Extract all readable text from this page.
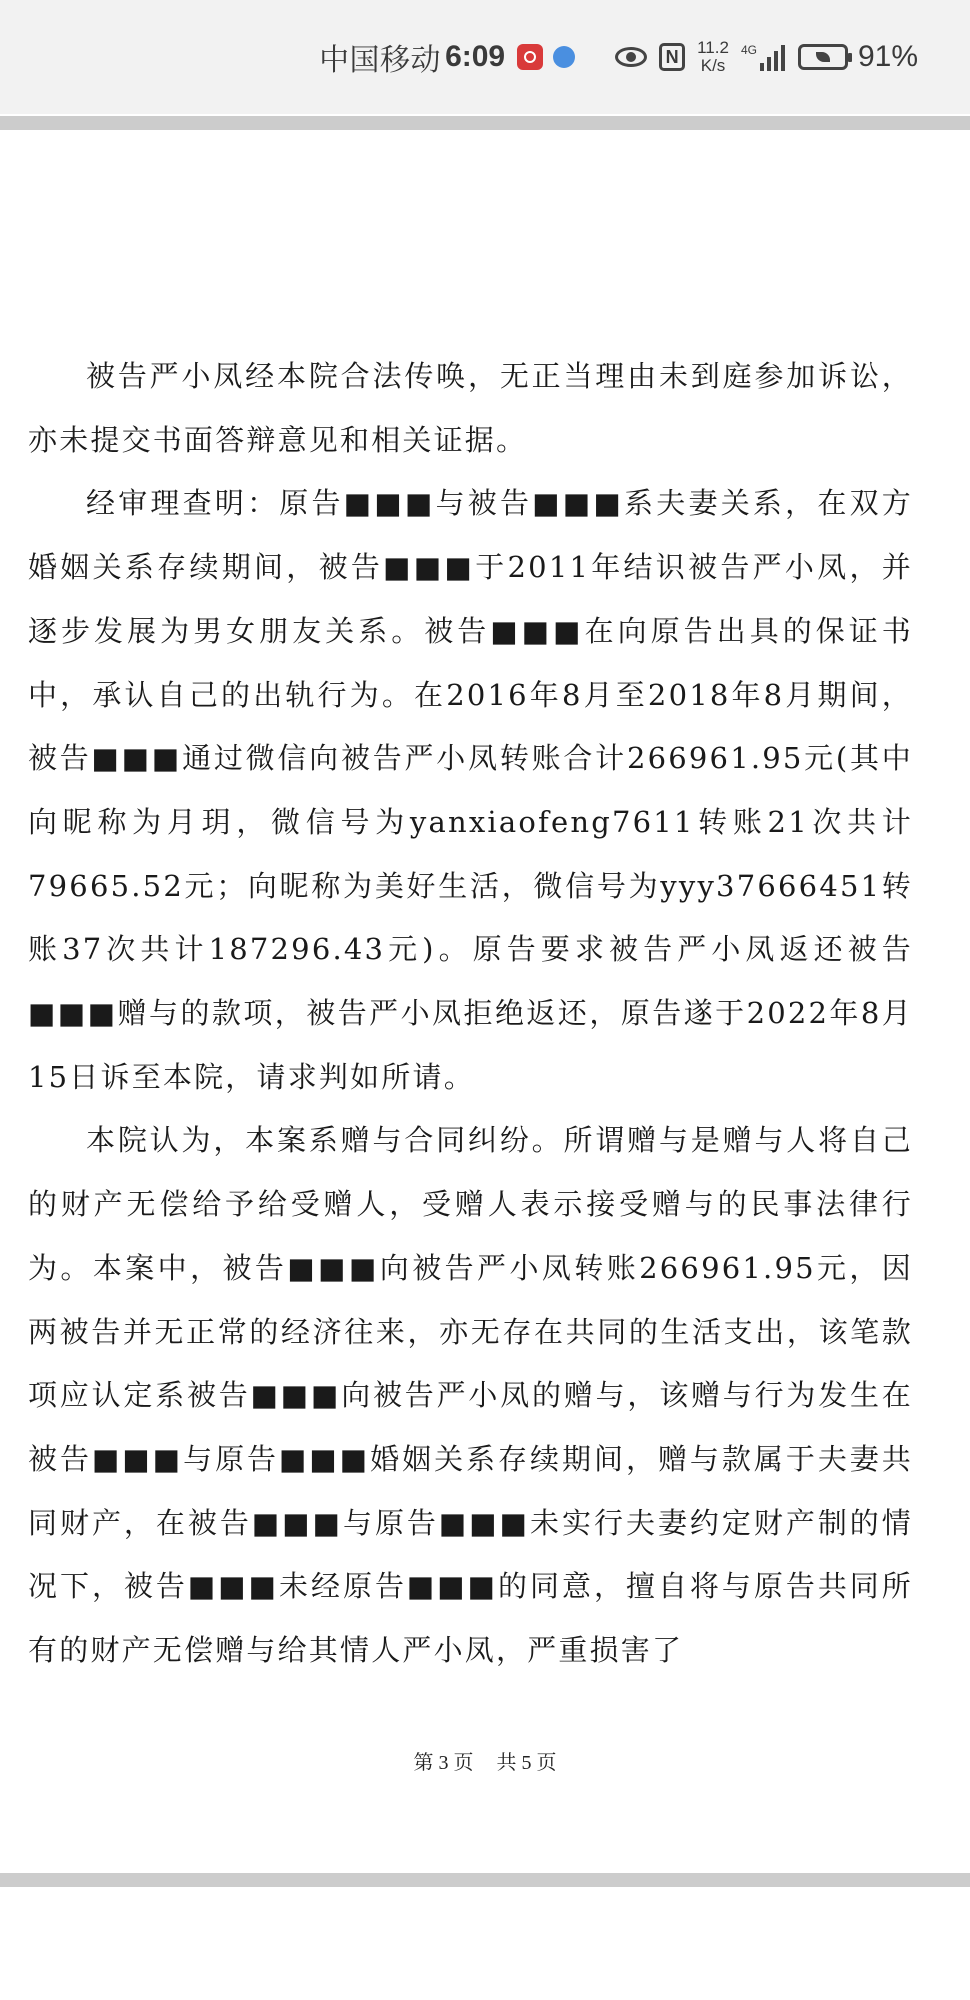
中国移动 6:09	N	11.2
K/s
4G	91%

被告严小凤经本院合法传唤，无正当理由未到庭参加诉讼，亦未提交书面答辩意见和相关证据。

经审理查明：原告■■■与被告■■■系夫妻关系，在双方婚姻关系存续期间，被告■■■于2011年结识被告严小凤，并逐步发展为男女朋友关系。被告■■■在向原告出具的保证书中，承认自己的出轨行为。在2016年8月至2018年8月期间，被告■■■通过微信向被告严小凤转账合计266961.95元(其中向昵称为月玥，微信号为yanxiaofeng7611转账21次共计79665.52元；向昵称为美好生活，微信号为yyy37666451转账37次共计187296.43元)。原告要求被告严小凤返还被告■■■赠与的款项，被告严小凤拒绝返还，原告遂于2022年8月15日诉至本院，请求判如所请。

本院认为，本案系赠与合同纠纷。所谓赠与是赠与人将自己的财产无偿给予给受赠人，受赠人表示接受赠与的民事法律行为。本案中，被告■■■向被告严小凤转账266961.95元，因两被告并无正常的经济往来，亦无存在共同的生活支出，该笔款项应认定系被告■■■向被告严小凤的赠与，该赠与行为发生在被告■■■与原告■■■婚姻关系存续期间，赠与款属于夫妻共同财产，在被告■■■与原告■■■未实行夫妻约定财产制的情况下，被告■■■未经原告■■■的同意，擅自将与原告共同所有的财产无偿赠与给其情人严小凤，严重损害了

第 3 页 共 5 页
